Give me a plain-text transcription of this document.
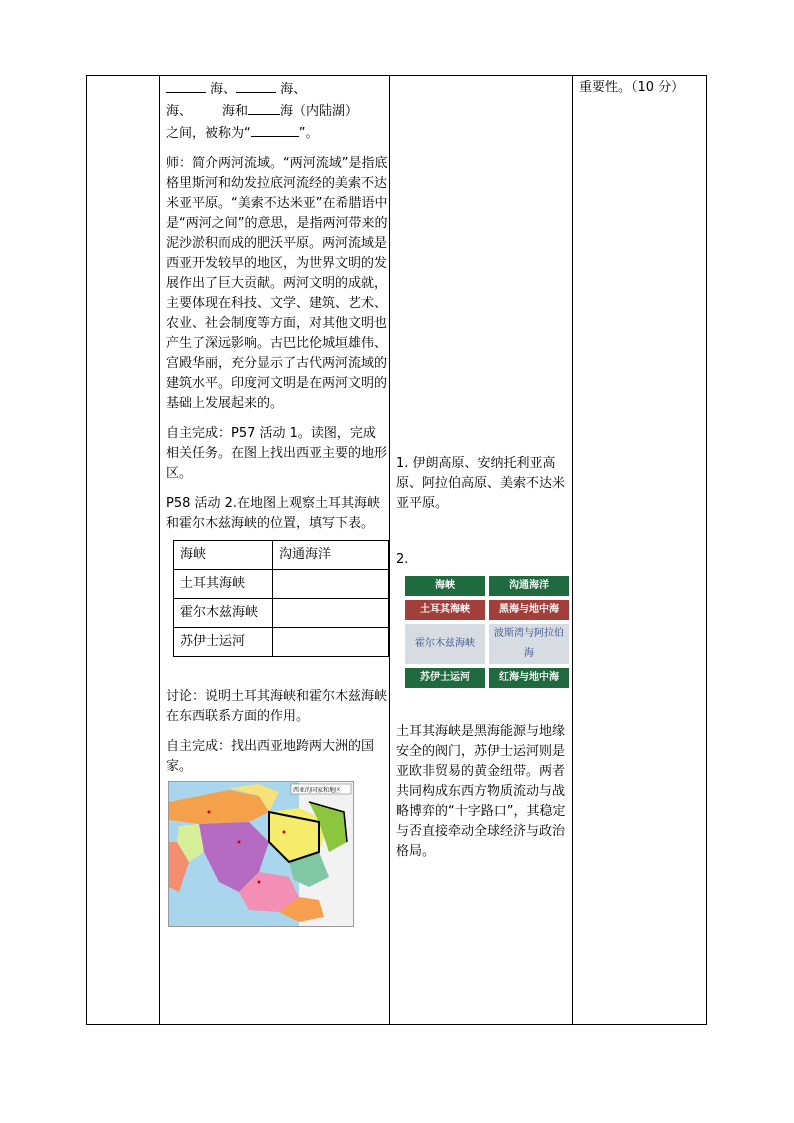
海、	海、
海、 海和 海（内陆湖）
之间，被称为“	”。

师：简介两河流域。“两河流域”是指底格里斯河和幼发拉底河流经的美索不达米亚平原。“美索不达米亚”在希腊语中是“两河之间”的意思，是指两河带来的泥沙淤积而成的肥沃平原。两河流域是西亚开发较早的地区，为世界文明的发展作出了巨大贡献。两河文明的成就，主要体现在科技、文学、建筑、艺术、农业、社会制度等方面，对其他文明也产生了深远影响。古巴比伦城垣雄伟、宫殿华丽，充分显示了古代两河流域的建筑水平。印度河文明是在两河文明的基础上发展起来的。

自主完成：P57 活动 1。读图，完成相关任务。在图上找出西亚主要的地形区。

P58 活动 2.在地图上观察土耳其海峡和霍尔木兹海峡的位置，填写下表。

海峡	沟通海洋
土耳其海峡	
霍尔木兹海峡	
苏伊士运河	

讨论：说明土耳其海峡和霍尔木兹海峡在东西联系方面的作用。

自主完成：找出西亚地跨两大洲的国家。

西亚的国家和地区

1. 伊朗高原、安纳托利亚高原、阿拉伯高原、美索不达米亚平原。

2.

海峡	沟通海洋
土耳其海峡	黑海与地中海
霍尔木兹海峡	波斯湾与阿拉伯海
苏伊士运河	红海与地中海

土耳其海峡是黑海能源与地缘安全的阀门，苏伊士运河则是亚欧非贸易的黄金纽带。两者共同构成东西方物质流动与战略博弈的“十字路口”，其稳定与否直接牵动全球经济与政治格局。

重要性。（10 分）
